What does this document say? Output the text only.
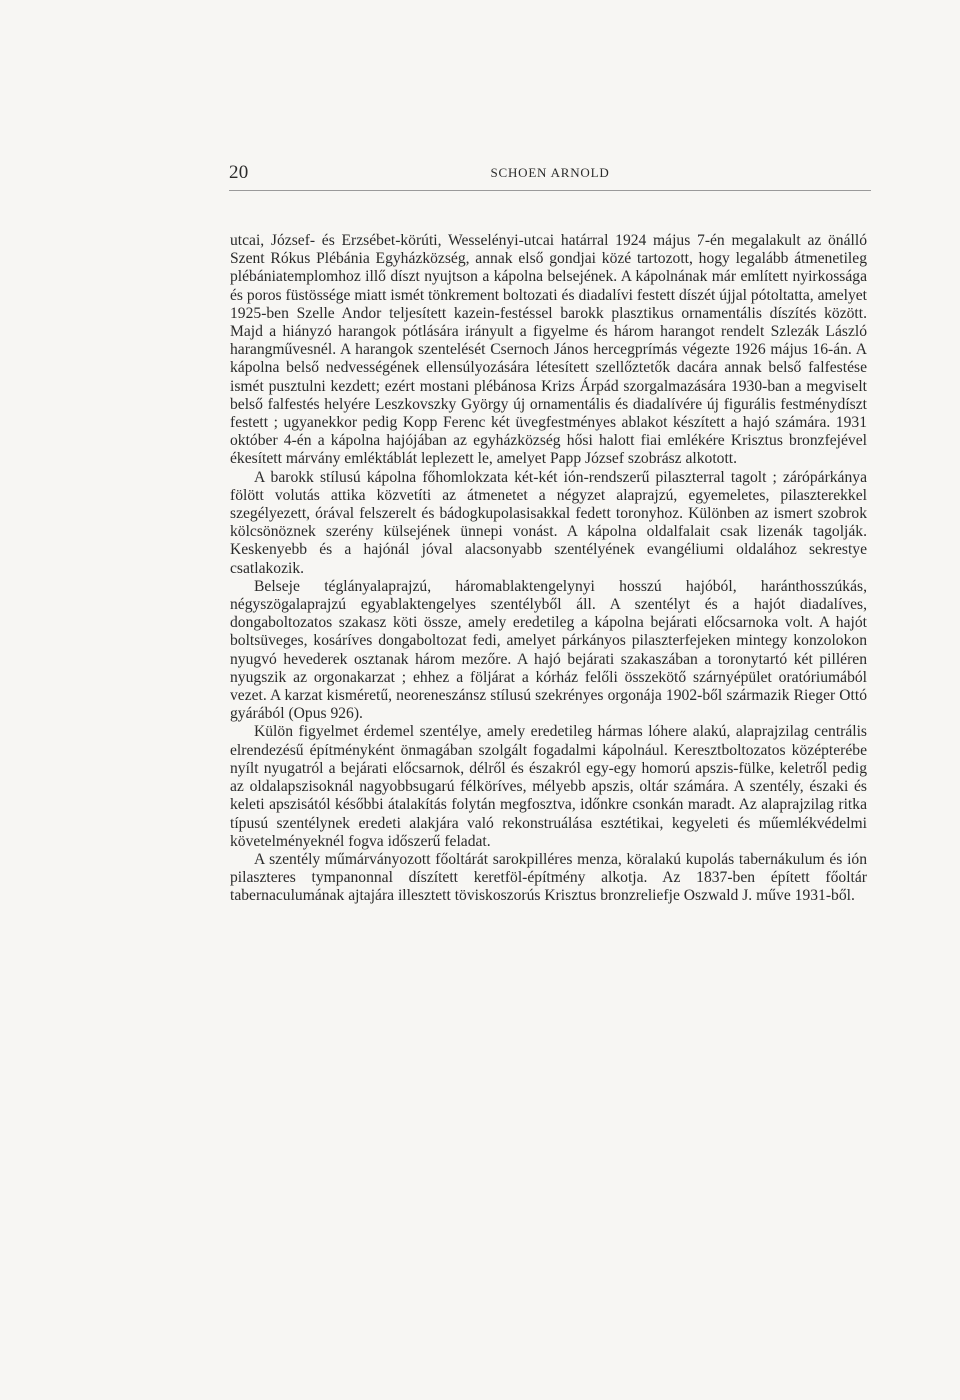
20	SCHOEN ARNOLD

utcai, József- és Erzsébet-körúti, Wesselényi-utcai határral 1924 május 7-én megalakult az önálló Szent Rókus Plébánia Egyházközség, annak első gondjai közé tartozott, hogy legalább átmenetileg plébániatemplomhoz illő díszt nyujtson a kápolna belsejének. A kápolnának már említett nyirkossága és poros füstössége miatt ismét tönkrement boltozati és diadalívi festett díszét újjal pótoltatta, amelyet 1925-ben Szelle Andor teljesített kazein-festéssel barokk plasztikus ornamentális díszítés között. Majd a hiányzó harangok pótlására irányult a figyelme és három harangot rendelt Szlezák László harangművesnél. A harangok szentelését Csernoch János hercegprímás végezte 1926 május 16-án. A kápolna belső nedvességének ellensúlyozására létesített szellőztetők dacára annak belső falfestése ismét pusztulni kezdett; ezért mostani plébánosa Krizs Árpád szorgalmazására 1930-ban a megviselt belső falfestés helyére Leszkovszky György új ornamentális és diadalívére új figurális festménydíszt festett ; ugyanekkor pedig Kopp Ferenc két üvegfestményes ablakot készített a hajó számára. 1931 október 4-én a kápolna hajójában az egyházközség hősi halott fiai emlékére Krisztus bronzfejével ékesített márvány emléktáblát leplezett le, amelyet Papp József szobrász alkotott.

A barokk stílusú kápolna főhomlokzata két-két ión-rendszerű pilaszterral tagolt ; zárópárkánya fölött volutás attika közvetíti az átmenetet a négyzet alaprajzú, egyemeletes, pilaszterekkel szegélyezett, órával felszerelt és bádogkupolasisakkal fedett toronyhoz. Különben az ismert szobrok kölcsönöznek szerény külsejének ünnepi vonást. A kápolna oldalfalait csak lizenák tagolják. Keskenyebb és a hajónál jóval alacsonyabb szentélyének evangéliumi oldalához sekrestye csatlakozik.

Belseje téglányalaprajzú, háromablaktengelynyi hosszú hajóból, haránthosszúkás, négyszögalaprajzú egyablaktengelyes szentélyből áll. A szentélyt és a hajót diadalíves, dongaboltozatos szakasz köti össze, amely eredetileg a kápolna bejárati előcsarnoka volt. A hajót boltsüveges, kosáríves dongaboltozat fedi, amelyet párkányos pilaszterfejeken mintegy konzolokon nyugvó hevederek osztanak három mezőre. A hajó bejárati szakaszában a toronytartó két pilléren nyugszik az orgonakarzat ; ehhez a följárat a kórház felőli összekötő szárnyépület oratóriumából vezet. A karzat kisméretű, neoreneszánsz stílusú szekrényes orgonája 1902-ből származik Rieger Ottó gyárából (Opus 926).

Külön figyelmet érdemel szentélye, amely eredetileg hármas lóhere alakú, alaprajzilag centrális elrendezésű építményként önmagában szolgált fogadalmi kápolnául. Keresztboltozatos középterébe nyílt nyugatról a bejárati előcsarnok, délről és északról egy-egy homorú apszis-fülke, keletről pedig az oldalapszisoknál nagyobbsugarú félköríves, mélyebb apszis, oltár számára. A szentély, északi és keleti apszisától későbbi átalakítás folytán megfosztva, időnkre csonkán maradt. Az alaprajzilag ritka típusú szentélynek eredeti alakjára való rekonstruálása esztétikai, kegyeleti és műemlékvédelmi követelményeknél fogva időszerű feladat.

A szentély műmárványozott főoltárát sarokpilléres menza, köralakú kupolás tabernákulum és ión pilaszteres tympanonnal díszített keretföl-építmény alkotja. Az 1837-ben épített főoltár tabernaculumának ajtajára illesztett töviskoszorús Krisztus bronzreliefje Oszwald J. műve 1931-ből.
